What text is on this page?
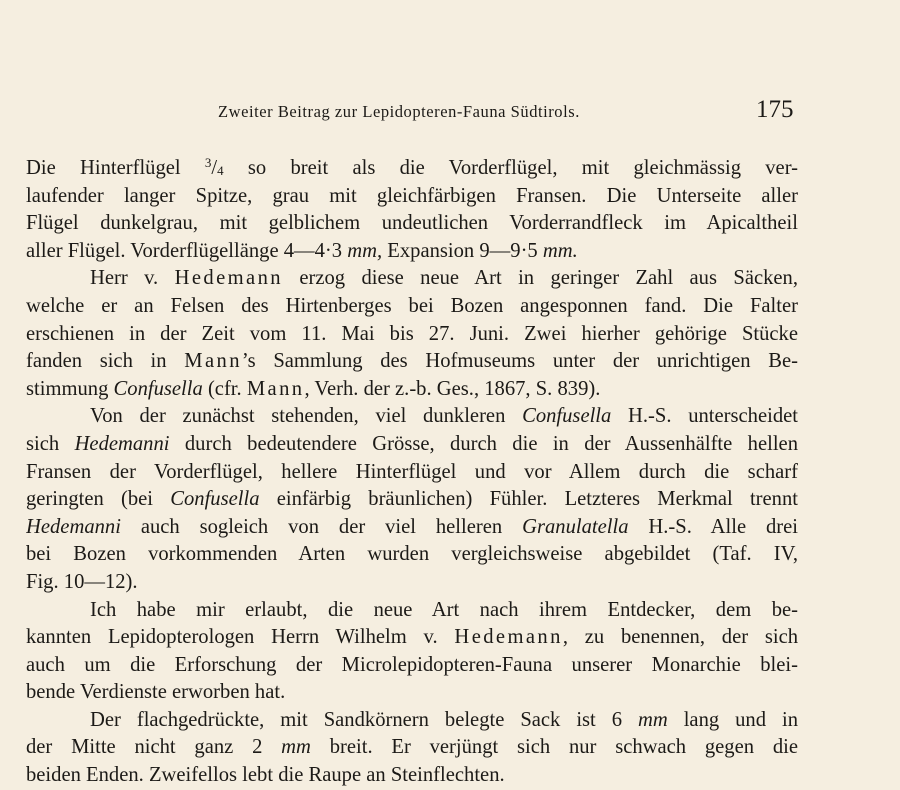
Zweiter Beitrag zur Lepidopteren-Fauna Südtirols.	175
Die Hinterflügel $^3/_4$ so breit als die Vorderflügel, mit gleichmässig ver-
laufender langer Spitze, grau mit gleichfärbigen Fransen. Die Unterseite aller
Flügel dunkelgrau, mit gelblichem undeutlichen Vorderrandfleck im Apicaltheil
aller Flügel. Vorderflügellänge 4—4·3 mm, Expansion 9—9·5 mm.
Herr v. Hedemann erzog diese neue Art in geringer Zahl aus Säcken,
welche er an Felsen des Hirtenberges bei Bozen angesponnen fand. Die Falter
erschienen in der Zeit vom 11. Mai bis 27. Juni. Zwei hierher gehörige Stücke
fanden sich in Mann’s Sammlung des Hofmuseums unter der unrichtigen Be-
stimmung Confusella (cfr. Mann, Verh. der z.-b. Ges., 1867, S. 839).
Von der zunächst stehenden, viel dunkleren Confusella H.-S. unterscheidet
sich Hedemanni durch bedeutendere Grösse, durch die in der Aussenhälfte hellen
Fransen der Vorderflügel, hellere Hinterflügel und vor Allem durch die scharf
geringten (bei Confusella einfärbig bräunlichen) Fühler. Letzteres Merkmal trennt
Hedemanni auch sogleich von der viel helleren Granulatella H.-S. Alle drei
bei Bozen vorkommenden Arten wurden vergleichsweise abgebildet (Taf. IV,
Fig. 10—12).
Ich habe mir erlaubt, die neue Art nach ihrem Entdecker, dem be-
kannten Lepidopterologen Herrn Wilhelm v. Hedemann, zu benennen, der sich
auch um die Erforschung der Microlepidopteren-Fauna unserer Monarchie blei-
bende Verdienste erworben hat.
Der flachgedrückte, mit Sandkörnern belegte Sack ist 6 mm lang und in
der Mitte nicht ganz 2 mm breit. Er verjüngt sich nur schwach gegen die
beiden Enden. Zweifellos lebt die Raupe an Steinflechten.
